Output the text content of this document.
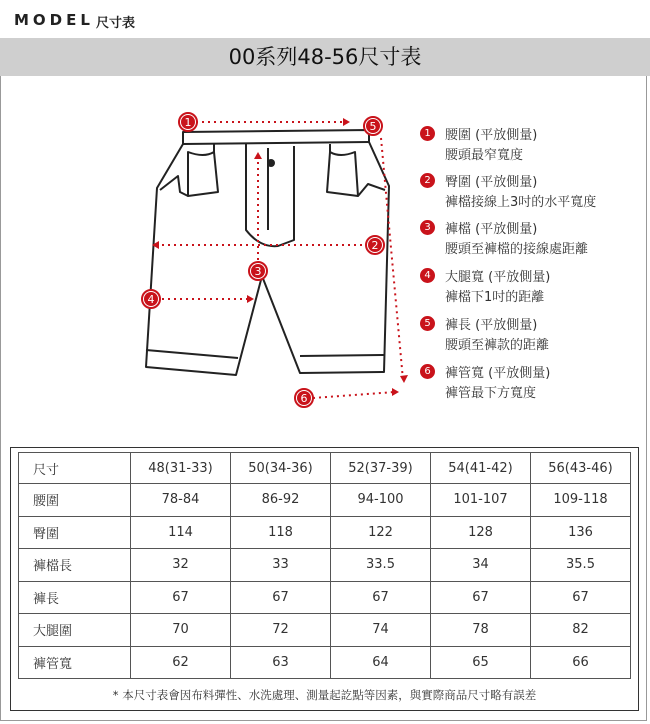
MODEL 尺寸表
00系列48-56尺寸表
1	5
2
3
4
6
1	腰圍 (平放側量)
腰頭最窄寬度
2	臀圍 (平放側量)
褲檔接線上3吋的水平寬度
3	褲檔 (平放側量)
腰頭至褲檔的接線處距離
4	大腿寬 (平放側量)
褲檔下1吋的距離
5	褲長 (平放側量)
腰頭至褲款的距離
6	褲管寬 (平放側量)
褲管最下方寬度
尺寸	48(31-33)	50(34-36)	52(37-39)	54(41-42)	56(43-46)
腰圍	78-84	86-92	94-100	101-107	109-118
臀圍	114	118	122	128	136
褲檔長	32	33	33.5	34	35.5
褲長	67	67	67	67	67
大腿圍	70	72	74	78	82
褲管寬	62	63	64	65	66
* 本尺寸表會因布料彈性、水洗處理、測量起訖點等因素，與實際商品尺寸略有誤差
